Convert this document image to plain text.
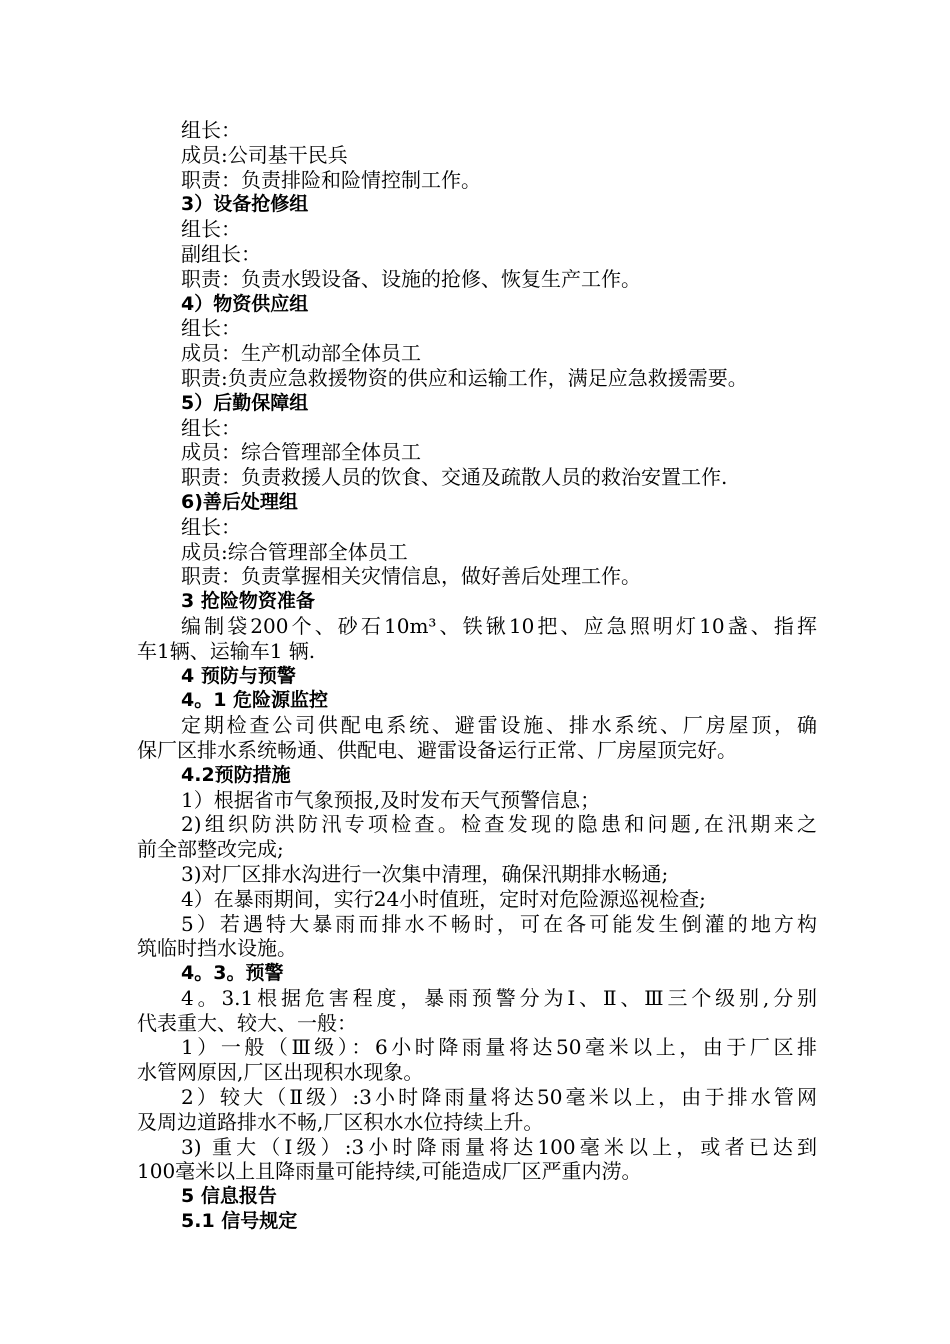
组长：
成员:公司基干民兵
职责：负责排险和险情控制工作。
3）设备抢修组
组长：
副组长：
职责：负责水毁设备、设施的抢修、恢复生产工作。
4）物资供应组
组长：
成员：生产机动部全体员工
职责:负责应急救援物资的供应和运输工作，满足应急救援需要。
5）后勤保障组
组长：
成员：综合管理部全体员工
职责：负责救援人员的饮食、交通及疏散人员的救治安置工作.
6)善后处理组
组长：
成员:综合管理部全体员工
职责：负责掌握相关灾情信息，做好善后处理工作。
3 抢险物资准备
编制袋200个、砂石10m³、铁锹10把、应急照明灯10盏、指挥
车1辆、运输车1 辆.
4 预防与预警
4。1 危险源监控
定期检查公司供配电系统、避雷设施、排水系统、厂房屋顶，确
保厂区排水系统畅通、供配电、避雷设备运行正常、厂房屋顶完好。
4.2预防措施
1）根据省市气象预报,及时发布天气预警信息；
2)组织防洪防汛专项检查。检查发现的隐患和问题,在汛期来之
前全部整改完成;
3)对厂区排水沟进行一次集中清理，确保汛期排水畅通;
4）在暴雨期间，实行24小时值班，定时对危险源巡视检查;
5）若遇特大暴雨而排水不畅时，可在各可能发生倒灌的地方构
筑临时挡水设施。
4。3。预警
4。3.1根据危害程度，暴雨预警分为Ⅰ、Ⅱ、Ⅲ三个级别,分别
代表重大、较大、一般：
1）一般（Ⅲ级）：6小时降雨量将达50毫米以上，由于厂区排
水管网原因,厂区出现积水现象。
2）较大（Ⅱ级）:3小时降雨量将达50毫米以上，由于排水管网
及周边道路排水不畅,厂区积水水位持续上升。
3) 重大（Ⅰ级）:3小时降雨量将达100毫米以上，或者已达到
100毫米以上且降雨量可能持续,可能造成厂区严重内涝。
5 信息报告
5.1 信号规定
